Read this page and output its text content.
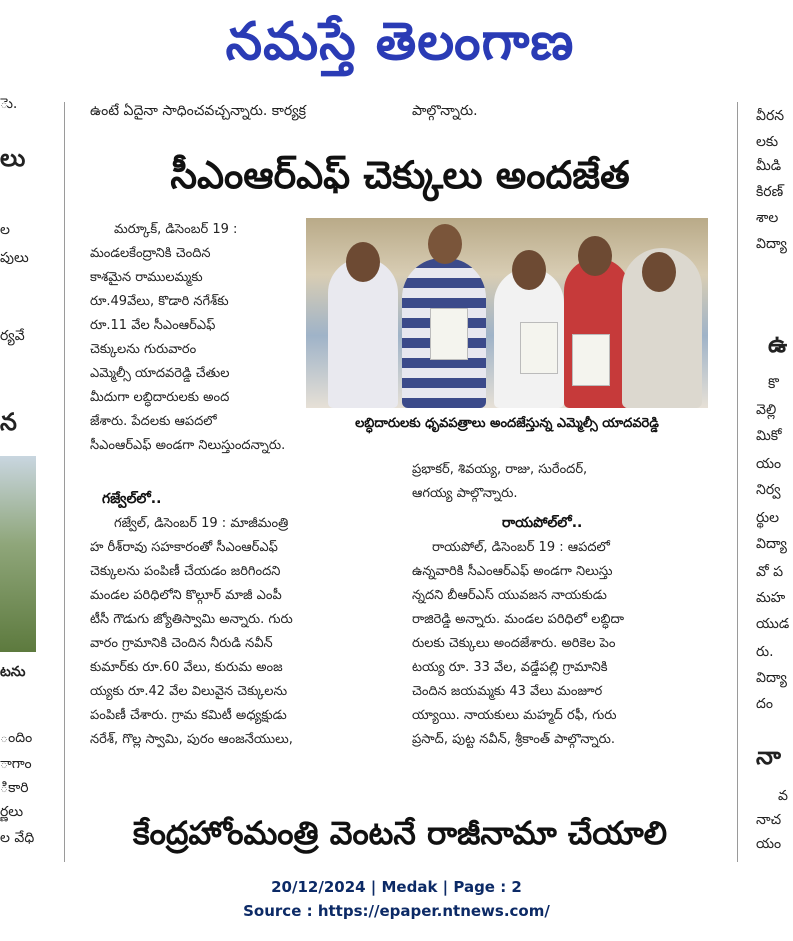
నమస్తే తెలంగాణ
ెు.
లు
ల
పులు
ర్యవే
న
టను
ందిం
ాగాం
ికారి
ర్ణలు
ల వేధి
వీరన
లకు
మీడి
కిరణ్
శాల
విద్యా
ఉ
కొ
వెల్లి
మికో
యం
నిర్వ
ర్థుల
విద్యా
వో ప
మహ
యుడ
రు.
విద్యా
దం
నా
వ
నాచ
యం
ఉంటే ఏదైనా సాధించవచ్చన్నారు. కార్యక్ర	పాల్గొన్నారు.
సీఎంఆర్‌ఎఫ్ చెక్కులు అందజేత

మర్కూక్, డిసెంబర్ 19 :

మండలకేంద్రానికి చెందిన

కాశమైన రాములమ్మకు

రూ.49వేలు, కొడారి నగేశ్‌కు

రూ.11 వేల సీఎంఆర్‌ఎఫ్

చెక్కులను గురువారం

ఎమ్మెల్సీ యాదవరెడ్డి చేతుల

మీదుగా లబ్ధిదారులకు అంద

జేశారు. పేదలకు ఆపదలో

సీఎంఆర్‌ఎఫ్ అండగా నిలుస్తుందన్నారు.

లబ్ధిదారులకు ధృవపత్రాలు అందజేస్తున్న ఎమ్మెల్సీ యాదవరెడ్డి
గజ్వేల్‌లో..

గజ్వేల్, డిసెంబర్ 19 : మాజీమంత్రి

హ రీశ్‌రావు సహకారంతో సీఎంఆర్‌ఎఫ్

చెక్కులను పంపిణీ చేయడం జరిగిందని

మండల పరిధిలోని కొల్గూర్ మాజీ ఎంపీ

టీసీ గౌడుగు జ్యోతిస్వామి అన్నారు. గురు

వారం గ్రామానికి చెందిన నీరుడి నవీన్

కుమార్‌కు రూ.60 వేలు, కురుమ అంజ

య్యకు రూ.42 వేల విలువైన చెక్కులను

పంపిణీ చేశారు. గ్రామ కమిటీ అధ్యక్షుడు

నరేశ్, గొల్ల స్వామి, పురం ఆంజనేయులు,

ప్రభాకర్, శివయ్య, రాజు, సురేందర్,

ఆగయ్య పాల్గొన్నారు.

రాయపోల్‌లో..

రాయపోల్, డిసెంబర్ 19 : ఆపదలో

ఉన్నవారికి సీఎంఆర్‌ఎఫ్ అండగా నిలుస్తు

న్నదని బీఆర్‌ఎస్ యువజన నాయకుడు

రాజిరెడ్డి అన్నారు. మండల పరిధిలో లబ్ధిదా

రులకు చెక్కులు అందజేశారు. అరికెల పెం

టయ్య రూ. 33 వేల, వడ్డేపల్లి గ్రామానికి

చెందిన జయమ్మకు 43 వేలు మంజూర

య్యాయి. నాయకులు మహ్మద్ రఫీ, గురు

ప్రసాద్, పుట్ట నవీన్, శ్రీకాంత్ పాల్గొన్నారు.

కేంద్రహోంమంత్రి వెంటనే రాజీనామా చేయాలి
20/12/2024 | Medak | Page : 2
Source : https://epaper.ntnews.com/
